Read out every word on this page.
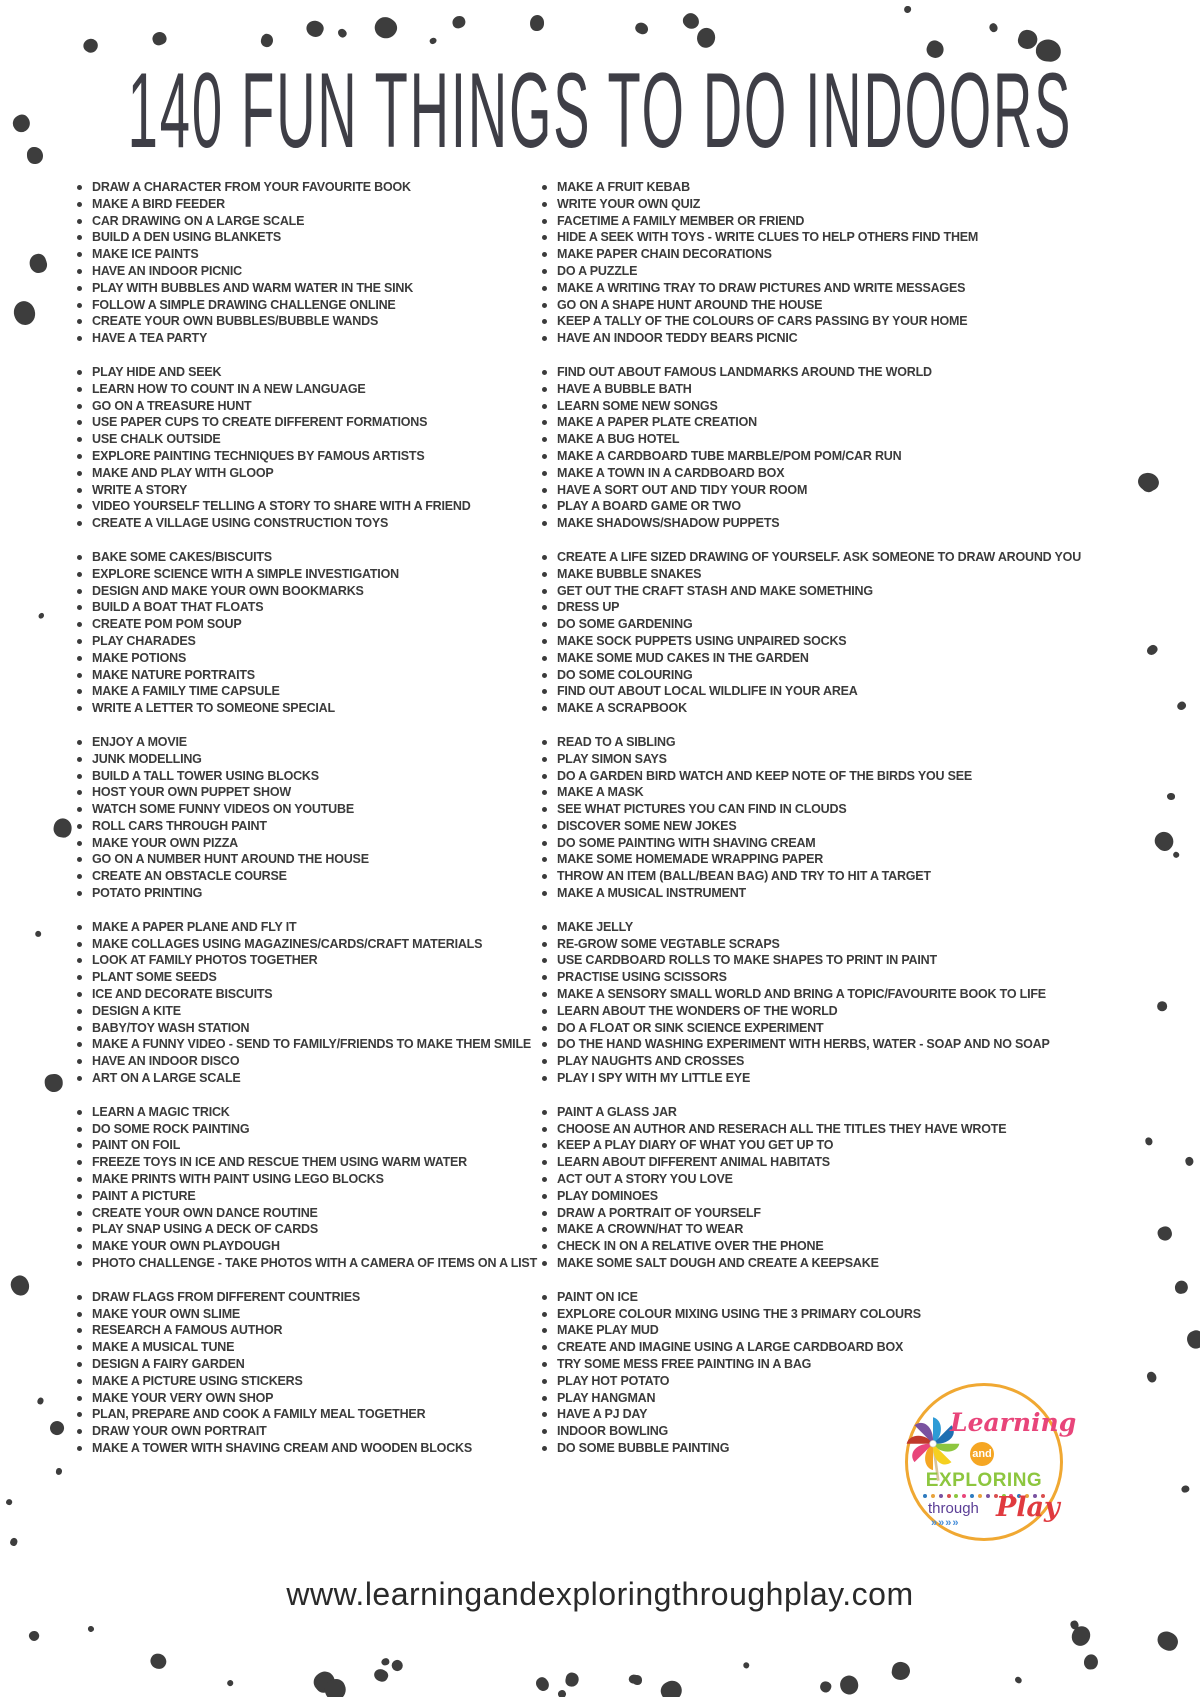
140 FUN THINGS TO DO INDOORS
DRAW A CHARACTER FROM YOUR FAVOURITE BOOK
MAKE A BIRD FEEDER
CAR DRAWING ON A LARGE SCALE
BUILD A DEN USING BLANKETS
MAKE ICE PAINTS
HAVE AN INDOOR PICNIC
PLAY WITH BUBBLES AND WARM WATER IN THE SINK
FOLLOW A SIMPLE DRAWING CHALLENGE ONLINE
CREATE YOUR OWN BUBBLES/BUBBLE WANDS
HAVE A TEA PARTY
PLAY HIDE AND SEEK
LEARN HOW TO COUNT IN A NEW LANGUAGE
GO ON A TREASURE HUNT
USE PAPER CUPS TO CREATE DIFFERENT FORMATIONS
USE CHALK OUTSIDE
EXPLORE PAINTING TECHNIQUES BY FAMOUS ARTISTS
MAKE AND PLAY WITH GLOOP
WRITE A STORY
VIDEO YOURSELF TELLING A STORY TO SHARE WITH A FRIEND
CREATE A VILLAGE USING CONSTRUCTION TOYS
BAKE SOME CAKES/BISCUITS
EXPLORE SCIENCE WITH A SIMPLE INVESTIGATION
DESIGN AND MAKE YOUR OWN BOOKMARKS
BUILD A BOAT THAT FLOATS
CREATE POM POM SOUP
PLAY CHARADES
MAKE POTIONS
MAKE NATURE PORTRAITS
MAKE A FAMILY TIME CAPSULE
WRITE A LETTER TO SOMEONE SPECIAL
ENJOY A MOVIE
JUNK MODELLING
BUILD A TALL TOWER USING BLOCKS
HOST YOUR OWN PUPPET SHOW
WATCH SOME FUNNY VIDEOS ON YOUTUBE
ROLL CARS THROUGH PAINT
MAKE YOUR OWN PIZZA
GO ON A NUMBER HUNT AROUND THE HOUSE
CREATE AN OBSTACLE COURSE
POTATO PRINTING
MAKE A PAPER PLANE AND FLY IT
MAKE COLLAGES USING MAGAZINES/CARDS/CRAFT MATERIALS
LOOK AT FAMILY PHOTOS TOGETHER
PLANT SOME SEEDS
ICE AND DECORATE BISCUITS
DESIGN A KITE
BABY/TOY WASH STATION
MAKE A FUNNY VIDEO - SEND TO FAMILY/FRIENDS TO MAKE THEM SMILE
HAVE AN INDOOR DISCO
ART ON A LARGE SCALE
LEARN A MAGIC TRICK
DO SOME ROCK PAINTING
PAINT ON FOIL
FREEZE TOYS IN ICE AND RESCUE THEM USING WARM WATER
MAKE PRINTS WITH PAINT USING LEGO BLOCKS
PAINT A PICTURE
CREATE YOUR OWN DANCE ROUTINE
PLAY SNAP USING A DECK OF CARDS
MAKE YOUR OWN PLAYDOUGH
PHOTO CHALLENGE - TAKE PHOTOS WITH A CAMERA OF ITEMS ON A LIST
DRAW FLAGS FROM DIFFERENT COUNTRIES
MAKE YOUR OWN SLIME
RESEARCH A FAMOUS AUTHOR
MAKE A MUSICAL TUNE
DESIGN A FAIRY GARDEN
MAKE A PICTURE USING STICKERS
MAKE YOUR VERY OWN SHOP
PLAN, PREPARE AND COOK A FAMILY MEAL TOGETHER
DRAW YOUR OWN PORTRAIT
MAKE A TOWER WITH SHAVING CREAM AND WOODEN BLOCKS
MAKE A FRUIT KEBAB
WRITE YOUR OWN QUIZ
FACETIME A FAMILY MEMBER OR FRIEND
HIDE A SEEK WITH TOYS - WRITE CLUES TO HELP OTHERS FIND THEM
MAKE PAPER CHAIN DECORATIONS
DO A PUZZLE
MAKE A WRITING TRAY TO DRAW PICTURES AND WRITE MESSAGES
GO ON A SHAPE HUNT AROUND THE HOUSE
KEEP A TALLY OF THE COLOURS OF CARS PASSING BY YOUR HOME
HAVE AN INDOOR TEDDY BEARS PICNIC
FIND OUT ABOUT FAMOUS LANDMARKS AROUND THE WORLD
HAVE A BUBBLE BATH
LEARN SOME NEW SONGS
MAKE A PAPER PLATE CREATION
MAKE A BUG HOTEL
MAKE A CARDBOARD TUBE MARBLE/POM POM/CAR RUN
MAKE A TOWN IN A CARDBOARD BOX
HAVE A SORT OUT AND TIDY YOUR ROOM
PLAY A BOARD GAME OR TWO
MAKE SHADOWS/SHADOW PUPPETS
CREATE A LIFE SIZED DRAWING OF YOURSELF. ASK SOMEONE TO DRAW AROUND YOU
MAKE BUBBLE SNAKES
GET OUT THE CRAFT STASH AND MAKE SOMETHING
DRESS UP
DO SOME GARDENING
MAKE SOCK PUPPETS USING UNPAIRED SOCKS
MAKE SOME MUD CAKES IN THE GARDEN
DO SOME COLOURING
FIND OUT ABOUT LOCAL WILDLIFE IN YOUR AREA
MAKE A SCRAPBOOK
READ TO A SIBLING
PLAY SIMON SAYS
DO A GARDEN BIRD WATCH AND KEEP NOTE OF THE BIRDS YOU SEE
MAKE A MASK
SEE WHAT PICTURES YOU CAN FIND IN CLOUDS
DISCOVER SOME NEW JOKES
DO SOME PAINTING WITH SHAVING CREAM
MAKE SOME HOMEMADE WRAPPING PAPER
THROW AN ITEM (BALL/BEAN BAG) AND TRY TO HIT A TARGET
MAKE A MUSICAL INSTRUMENT
MAKE JELLY
RE-GROW SOME VEGTABLE SCRAPS
USE CARDBOARD ROLLS TO MAKE SHAPES TO PRINT IN PAINT
PRACTISE USING SCISSORS
MAKE A SENSORY SMALL WORLD AND BRING A TOPIC/FAVOURITE BOOK TO LIFE
LEARN ABOUT THE WONDERS OF THE WORLD
DO A FLOAT OR SINK SCIENCE EXPERIMENT
DO THE HAND WASHING EXPERIMENT WITH HERBS, WATER - SOAP AND NO SOAP
PLAY NAUGHTS AND CROSSES
PLAY I SPY WITH MY LITTLE EYE
PAINT A GLASS JAR
CHOOSE AN AUTHOR AND RESERACH ALL THE TITLES THEY HAVE WROTE
KEEP A PLAY DIARY OF WHAT YOU GET UP TO
LEARN ABOUT DIFFERENT ANIMAL HABITATS
ACT OUT A STORY YOU LOVE
PLAY DOMINOES
DRAW A PORTRAIT OF YOURSELF
MAKE A CROWN/HAT TO WEAR
CHECK IN ON A RELATIVE OVER THE PHONE
MAKE SOME SALT DOUGH AND CREATE A KEEPSAKE
PAINT ON ICE
EXPLORE COLOUR MIXING USING THE 3 PRIMARY COLOURS
MAKE PLAY MUD
CREATE AND IMAGINE USING A LARGE CARDBOARD BOX
TRY SOME MESS FREE PAINTING IN A BAG
PLAY HOT POTATO
PLAY HANGMAN
HAVE A PJ DAY
INDOOR BOWLING
DO SOME BUBBLE PAINTING
Learning
and
EXPLORING
through
»»»» Play
www.learningandexploringthroughplay.com
